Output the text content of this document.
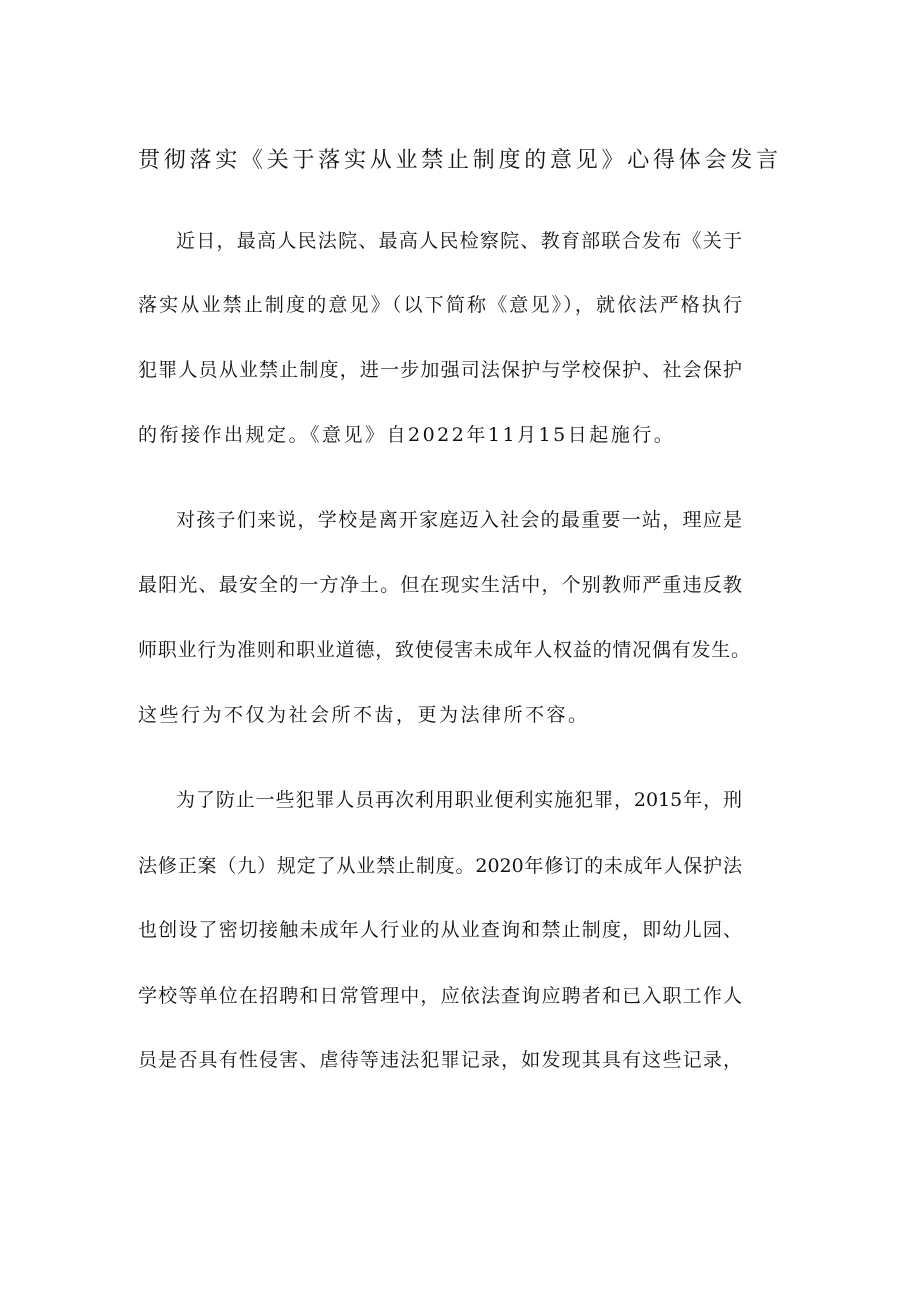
贯彻落实《关于落实从业禁止制度的意见》心得体会发言
近日，最高人民法院、最高人民检察院、教育部联合发布《关于
落实从业禁止制度的意见》（以下简称《意见》），就依法严格执行
犯罪人员从业禁止制度，进一步加强司法保护与学校保护、社会保护
的衔接作出规定。《意见》自2022年11月15日起施行。
对孩子们来说，学校是离开家庭迈入社会的最重要一站，理应是
最阳光、最安全的一方净土。但在现实生活中，个别教师严重违反教
师职业行为准则和职业道德，致使侵害未成年人权益的情况偶有发生。
这些行为不仅为社会所不齿，更为法律所不容。
为了防止一些犯罪人员再次利用职业便利实施犯罪，2015年，刑
法修正案（九）规定了从业禁止制度。2020年修订的未成年人保护法
也创设了密切接触未成年人行业的从业查询和禁止制度，即幼儿园、
学校等单位在招聘和日常管理中，应依法查询应聘者和已入职工作人
员是否具有性侵害、虐待等违法犯罪记录，如发现其具有这些记录，
